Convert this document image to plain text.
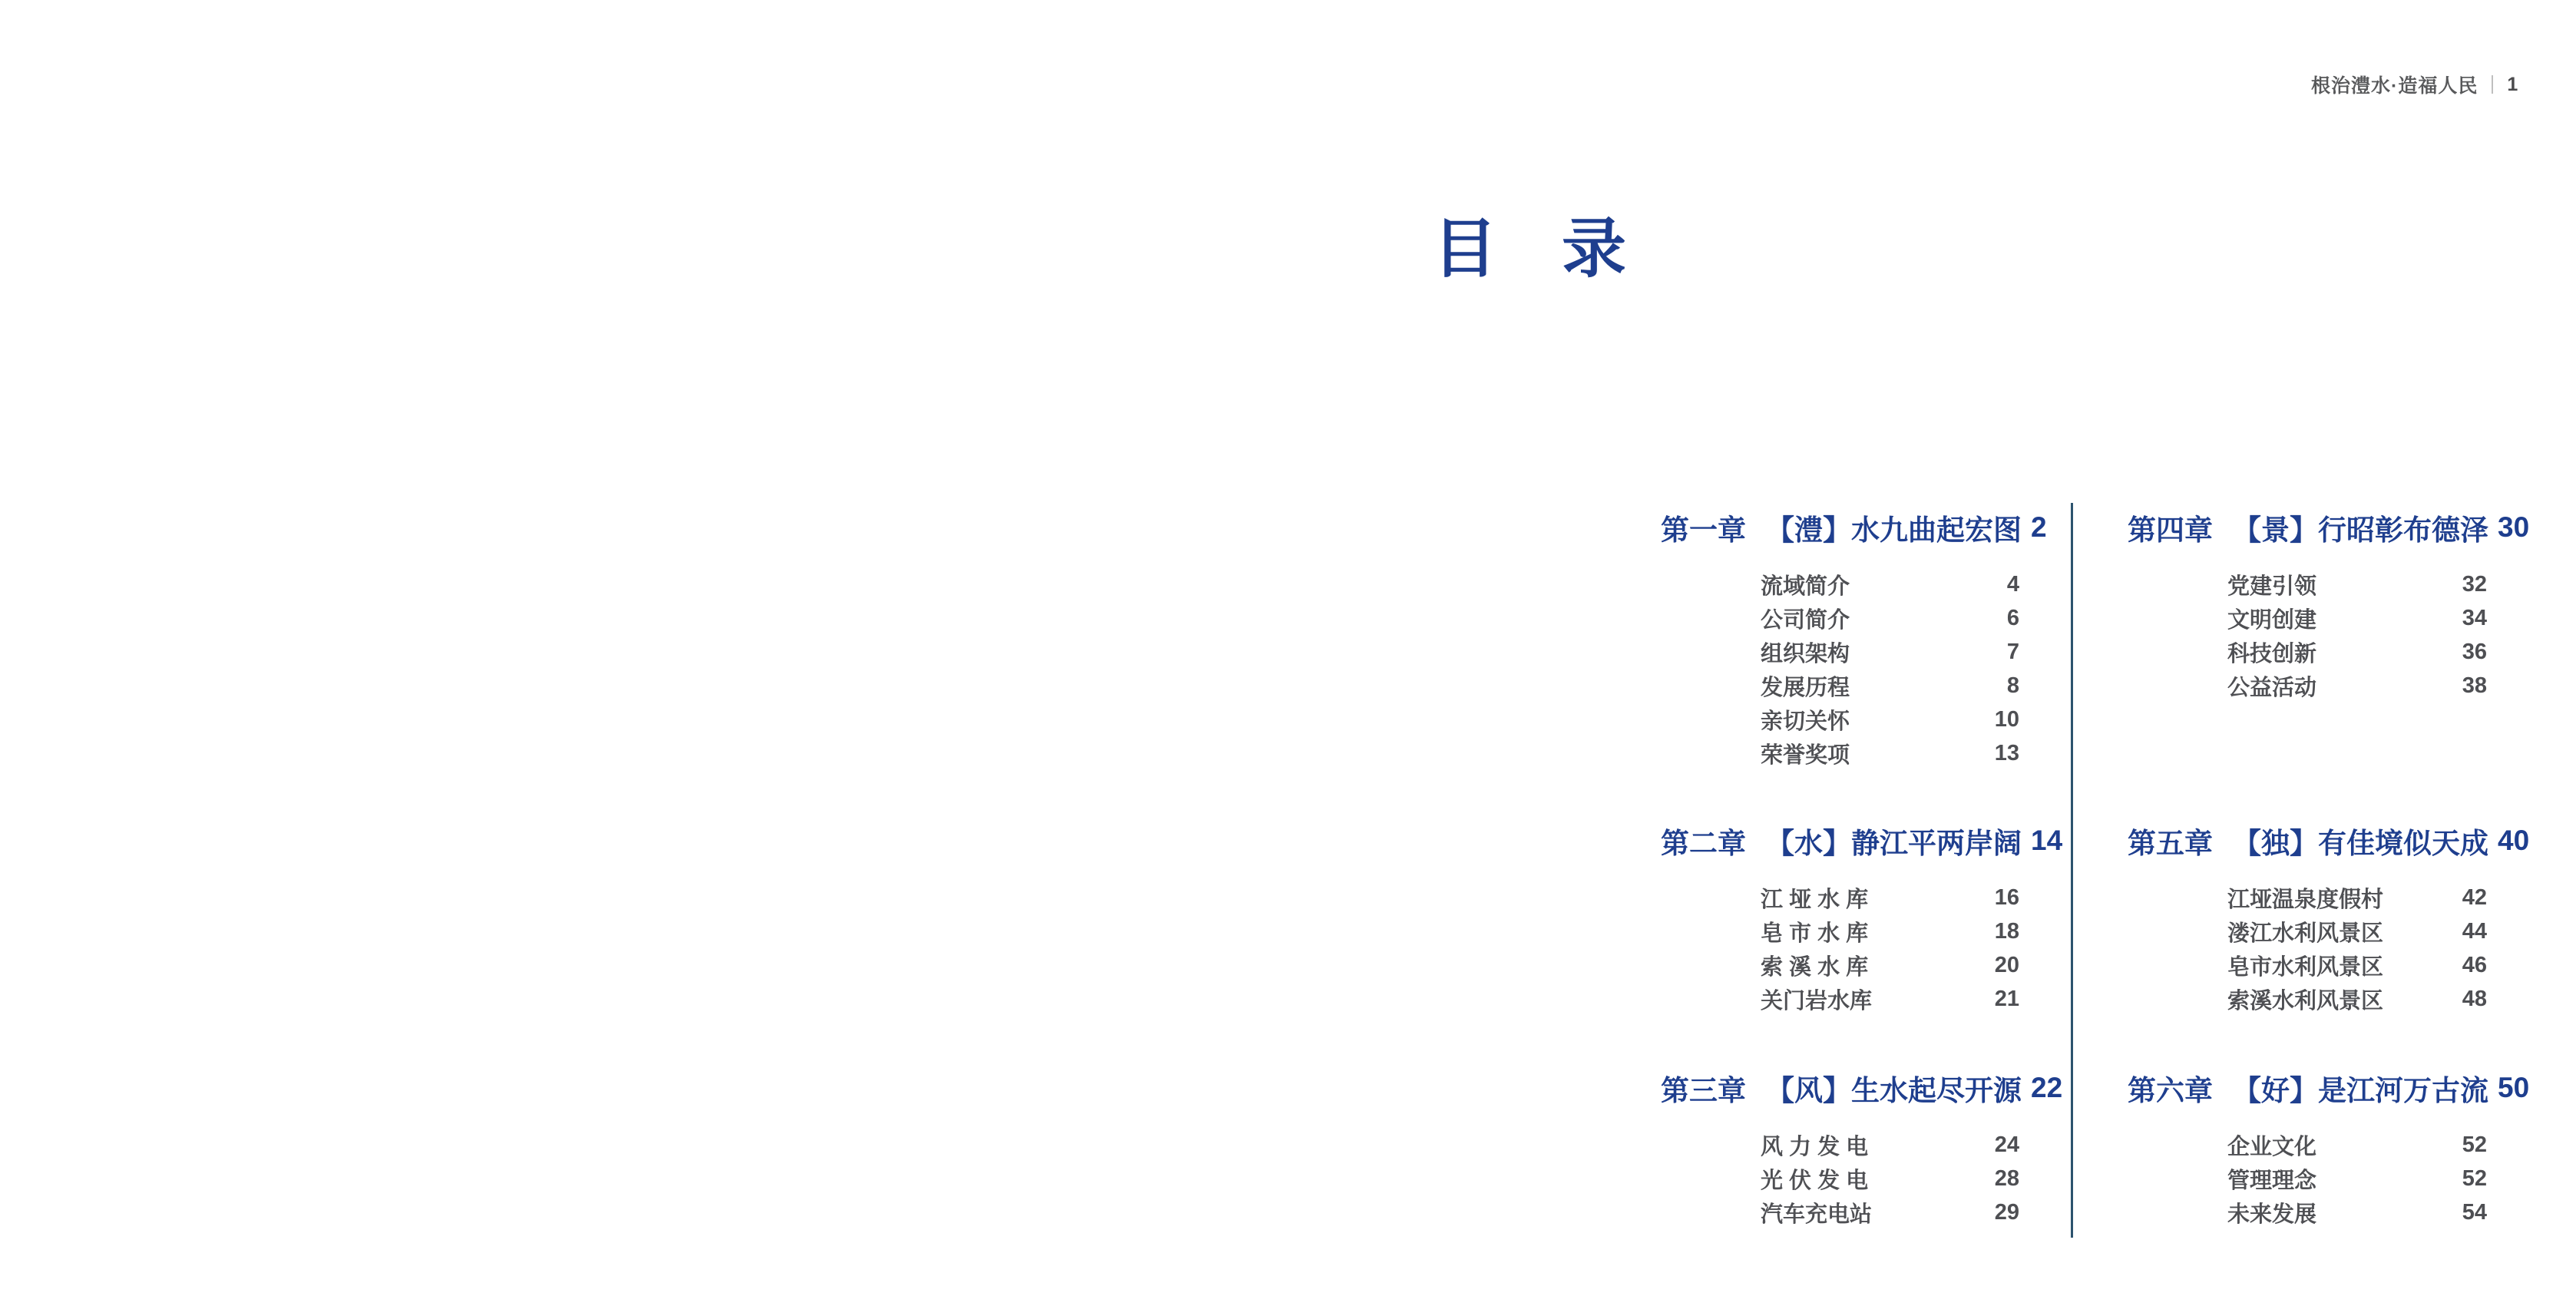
根治澧水·造福人民 1
目　录
第一章 【澧】水九曲起宏图 2
流域简介	4
公司简介	6
组织架构	7
发展历程	8
亲切关怀	10
荣誉奖项	13
第二章 【水】静江平两岸阔 14
江 垭 水 库	16
皂 市 水 库	18
索 溪 水 库	20
关门岩水库	21
第三章 【风】生水起尽开源 22
风 力 发 电	24
光 伏 发 电	28
汽车充电站	29
第四章 【景】行昭彰布德泽 30
党建引领	32
文明创建	34
科技创新	36
公益活动	38
第五章 【独】有佳境似天成 40
江垭温泉度假村	42
溇江水利风景区	44
皂市水利风景区	46
索溪水利风景区	48
第六章 【好】是江河万古流 50
企业文化	52
管理理念	52
未来发展	54
